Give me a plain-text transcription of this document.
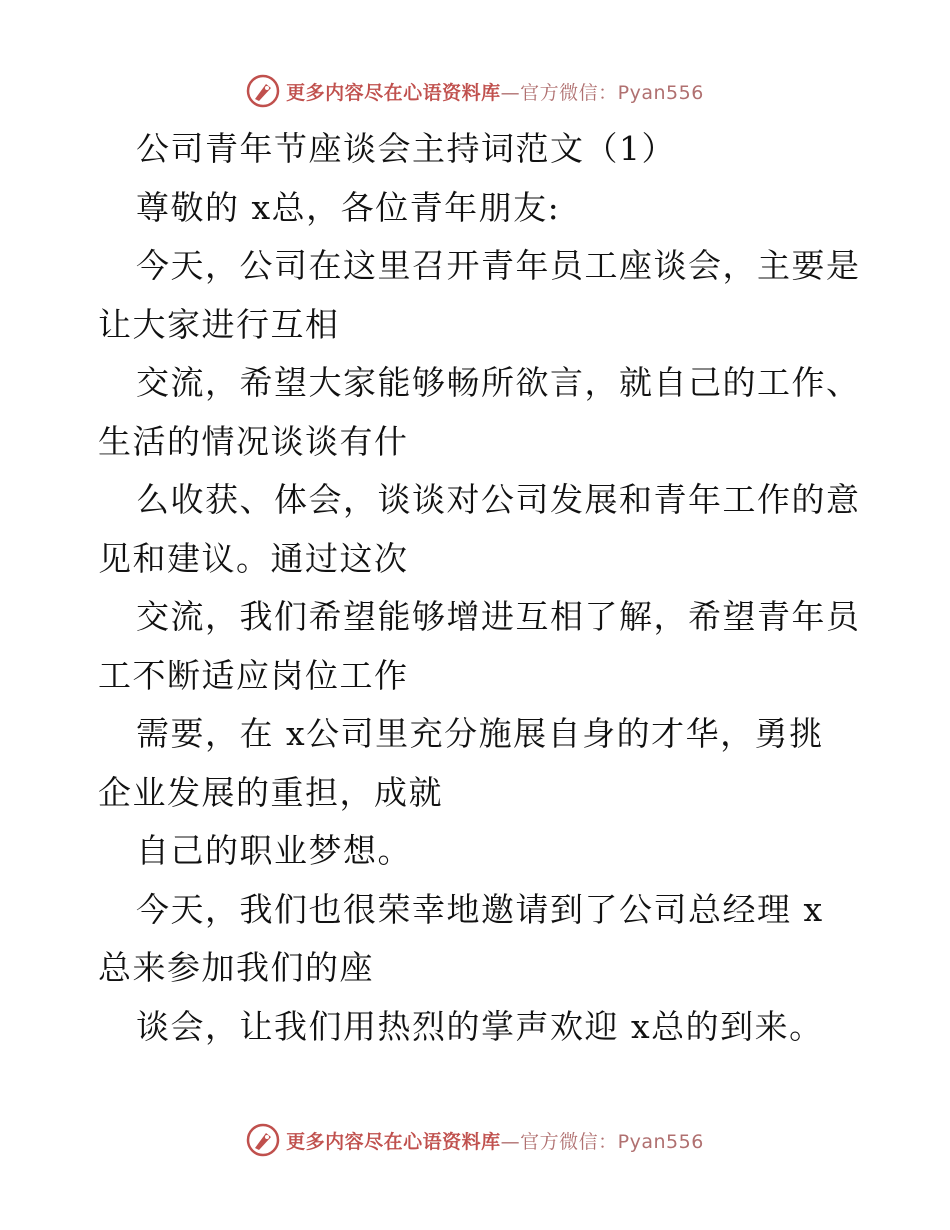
更多内容尽在心语资料库—官方微信：Pyan556
公司青年节座谈会主持词范文（1）
尊敬的 x总，各位青年朋友:
今天，公司在这里召开青年员工座谈会，主要是
让大家进行互相
交流，希望大家能够畅所欲言，就自己的工作、
生活的情况谈谈有什
么收获、体会，谈谈对公司发展和青年工作的意
见和建议。通过这次
交流，我们希望能够增进互相了解，希望青年员
工不断适应岗位工作
需要，在 x公司里充分施展自身的才华，勇挑
企业发展的重担，成就
自己的职业梦想。
今天，我们也很荣幸地邀请到了公司总经理 x
总来参加我们的座
谈会，让我们用热烈的掌声欢迎 x总的到来。
更多内容尽在心语资料库—官方微信：Pyan556
